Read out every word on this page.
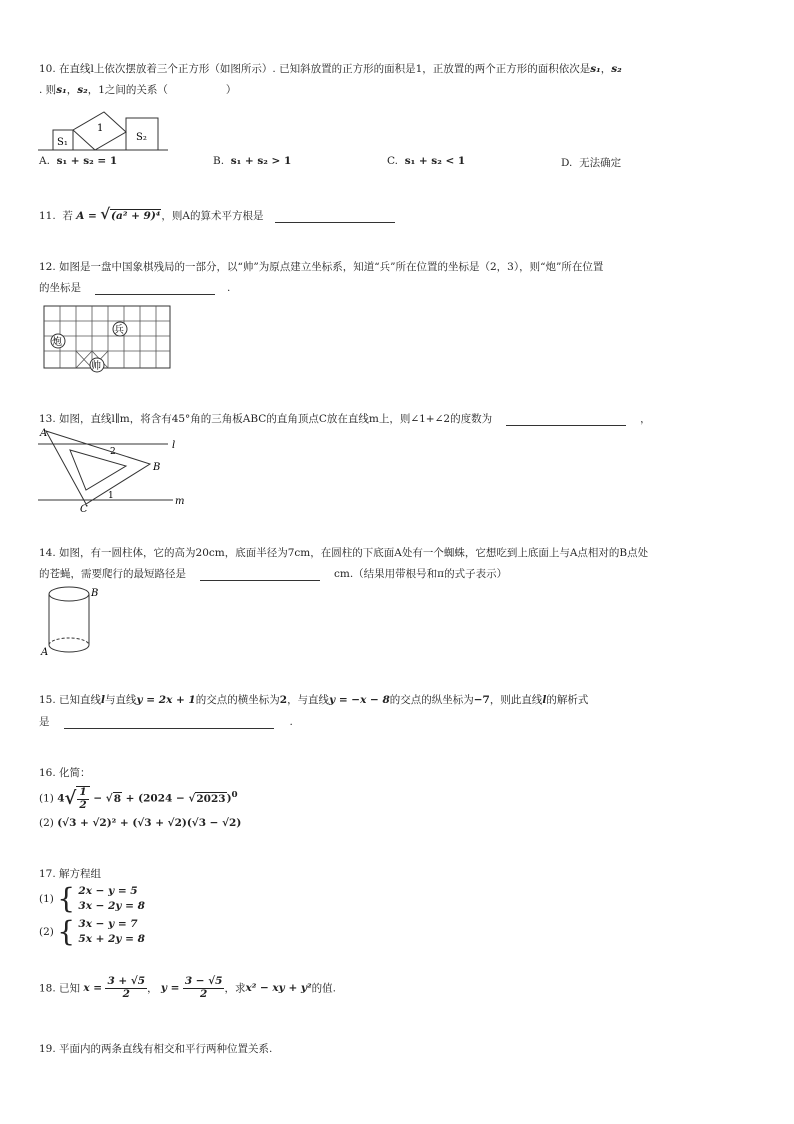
10. 在直线l上依次摆放着三个正方形（如图所示）. 已知斜放置的正方形的面积是1，正放置的两个正方形的面积依次是s₁，s₂
. 则s₁，s₂，1之间的关系（	）
S₁
1
S₂
A. s₁ + s₂ = 1	B. s₁ + s₂ > 1	C. s₁ + s₂ < 1	D. 无法确定
11. 若 A = √(a² + 9)⁴，则A的算术平方根是
12. 如图是一盘中国象棋残局的一部分，以“帅”为原点建立坐标系，知道“兵”所在位置的坐标是（2，3），则“炮”所在位置
的坐标是	.
兵
炮
帅
13. 如图，直线l∥m，将含有45°角的三角板ABC的直角顶点C放在直线m上，则∠1+∠2的度数为	，
A
B
C
l
m
1
2
14. 如图，有一圆柱体，它的高为20cm，底面半径为7cm，在圆柱的下底面A处有一个蜘蛛，它想吃到上底面上与A点相对的B点处
的苍蝇，需要爬行的最短路径是	cm.（结果用带根号和π的式子表示）
B
A
15. 已知直线l与直线y = 2x + 1的交点的横坐标为2，与直线y = −x − 8的交点的纵坐标为−7，则此直线l的解析式
是	.
16. 化简：
(1) $4√ \frac{1}{2} - √8 + (2024 - √2023)^0$
(2) (√3 + √2)² + (√3 + √2)(√3 − √2)
17. 解方程组
(1) { 2x − y = 5
3x − 2y = 8
(2) { 3x − y = 7
5x + 2y = 8
18. 已知 $x = \frac{3 + √5}{2}$ ， $y = \frac{3 - √5}{2}$ ，求x² − xy + y²的值.
19. 平面内的两条直线有相交和平行两种位置关系.
